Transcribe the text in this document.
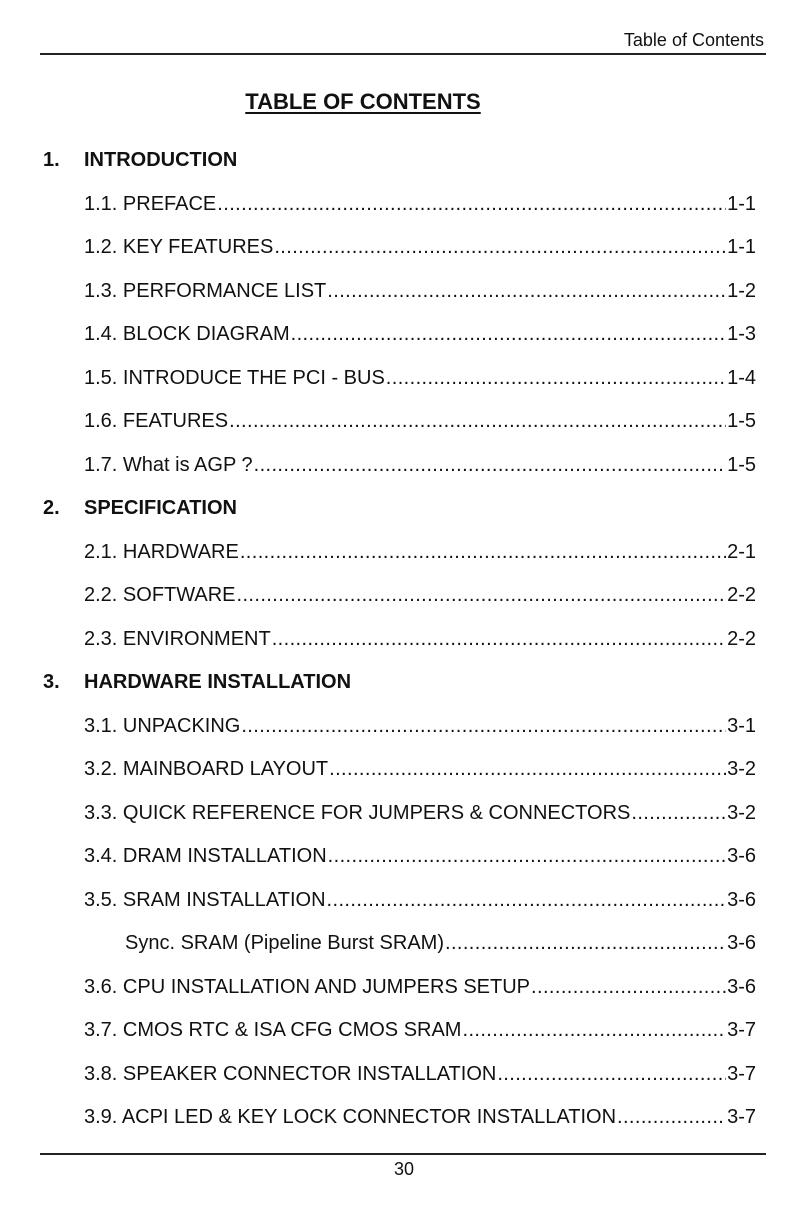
Table of Contents
TABLE OF CONTENTS
1. INTRODUCTION
1.1. PREFACE .....	1-1
1.2. KEY FEATURES .....	1-1
1.3. PERFORMANCE LIST .....	1-2
1.4. BLOCK DIAGRAM .....	1-3
1.5. INTRODUCE THE PCI - BUS .....	1-4
1.6. FEATURES .....	1-5
1.7. What is AGP ? .....	1-5
2. SPECIFICATION
2.1. HARDWARE .....	2-1
2.2. SOFTWARE .....	2-2
2.3. ENVIRONMENT .....	2-2
3. HARDWARE INSTALLATION
3.1. UNPACKING .....	3-1
3.2. MAINBOARD LAYOUT .....	3-2
3.3. QUICK REFERENCE FOR JUMPERS & CONNECTORS .....	3-2
3.4. DRAM INSTALLATION .....	3-6
3.5. SRAM INSTALLATION .....	3-6
Sync. SRAM (Pipeline Burst SRAM) .....	3-6
3.6. CPU INSTALLATION AND JUMPERS SETUP .....	3-6
3.7. CMOS RTC & ISA CFG CMOS SRAM .....	3-7
3.8. SPEAKER CONNECTOR INSTALLATION .....	3-7
3.9. ACPI LED & KEY LOCK CONNECTOR INSTALLATION .....	3-7
30
